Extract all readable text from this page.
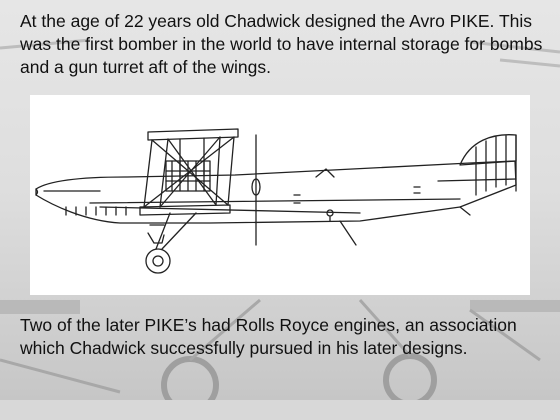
At the age of 22 years old Chadwick designed the Avro PIKE. This was the first bomber in the world to have internal storage for bombs and a gun turret aft of the wings.

Two of the later PIKE’s had Rolls Royce engines, an association which Chadwick successfully pursued in his later designs.
